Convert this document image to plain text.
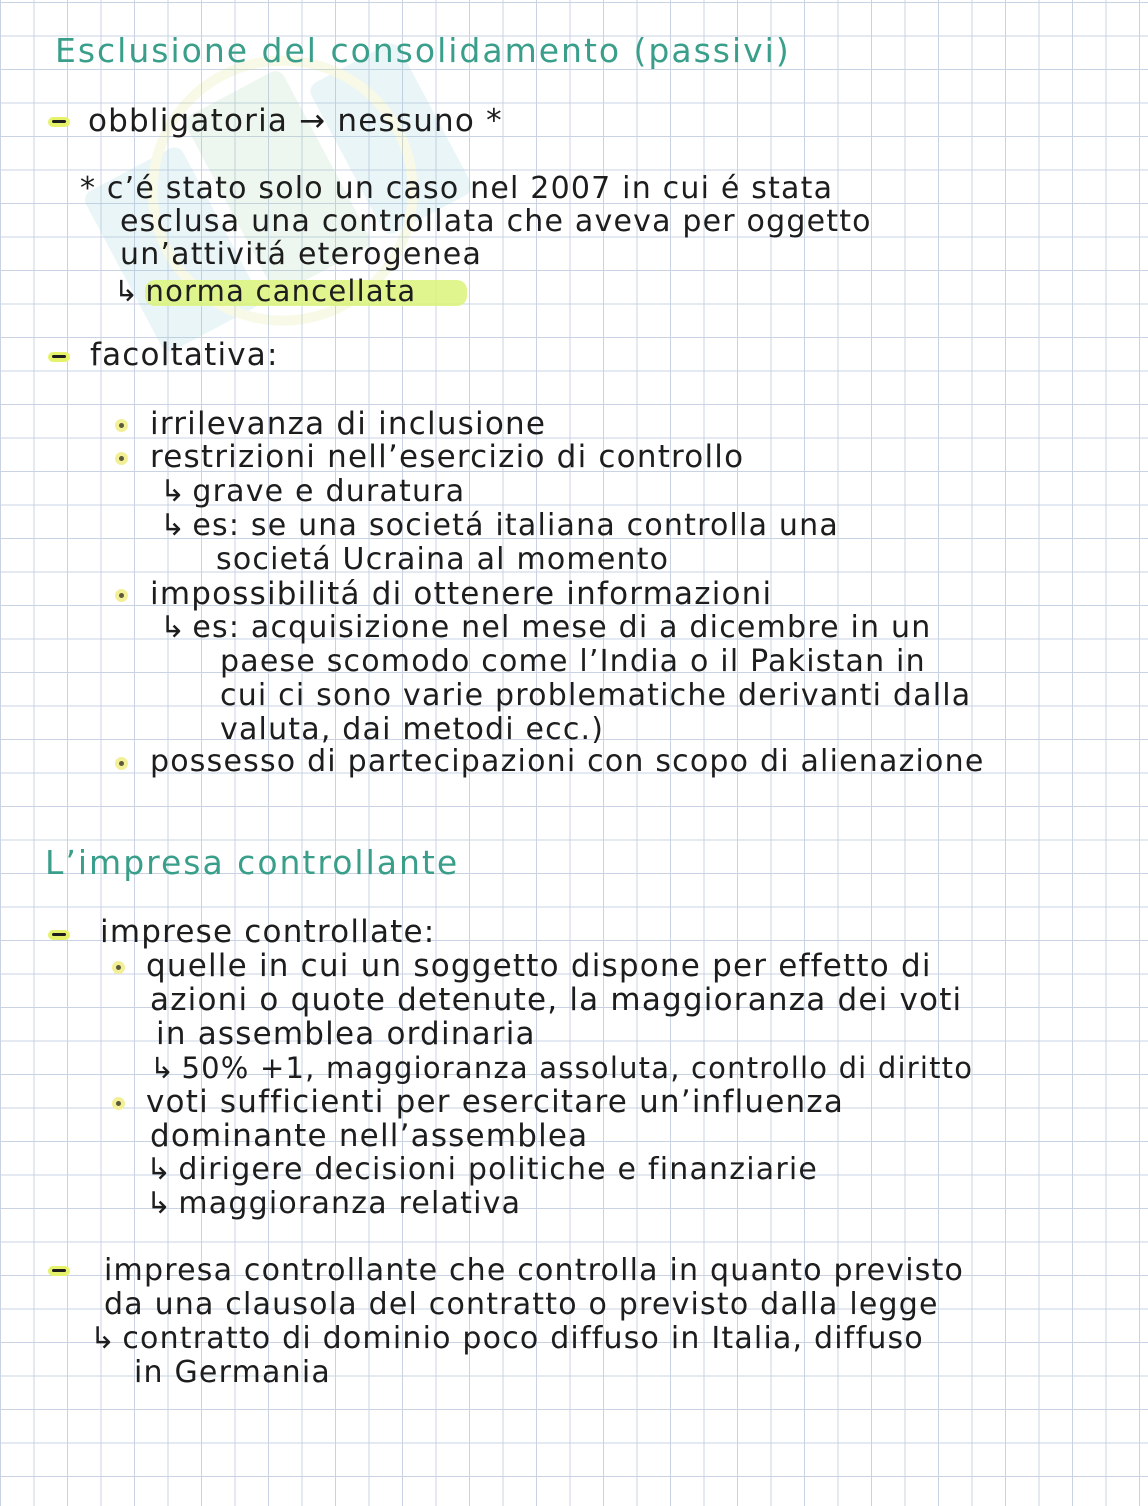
Esclusione del consolidamento (passivi)
obbligatoria → nessuno *
* c’é stato solo un caso nel 2007 in cui é stata
esclusa una controllata che aveva per oggetto
un’attivitá eterogenea
↳ norma cancellata
facoltativa:
irrilevanza di inclusione
restrizioni nell’esercizio di controllo
↳ grave e duratura
↳ es: se una societá italiana controlla una
societá Ucraina al momento
impossibilitá di ottenere informazioni
↳ es: acquisizione nel mese di a dicembre in un
paese scomodo come l’India o il Pakistan in
cui ci sono varie problematiche derivanti dalla
valuta, dai metodi ecc.)
possesso di partecipazioni con scopo di alienazione
L’impresa controllante
imprese controllate:
quelle in cui un soggetto dispone per effetto di
azioni o quote detenute, la maggioranza dei voti
in assemblea ordinaria
↳ 50% +1, maggioranza assoluta, controllo di diritto
voti sufficienti per esercitare un’influenza
dominante nell’assemblea
↳ dirigere decisioni politiche e finanziarie
↳ maggioranza relativa
impresa controllante che controlla in quanto previsto
da una clausola del contratto o previsto dalla legge
↳ contratto di dominio poco diffuso in Italia, diffuso
in Germania
